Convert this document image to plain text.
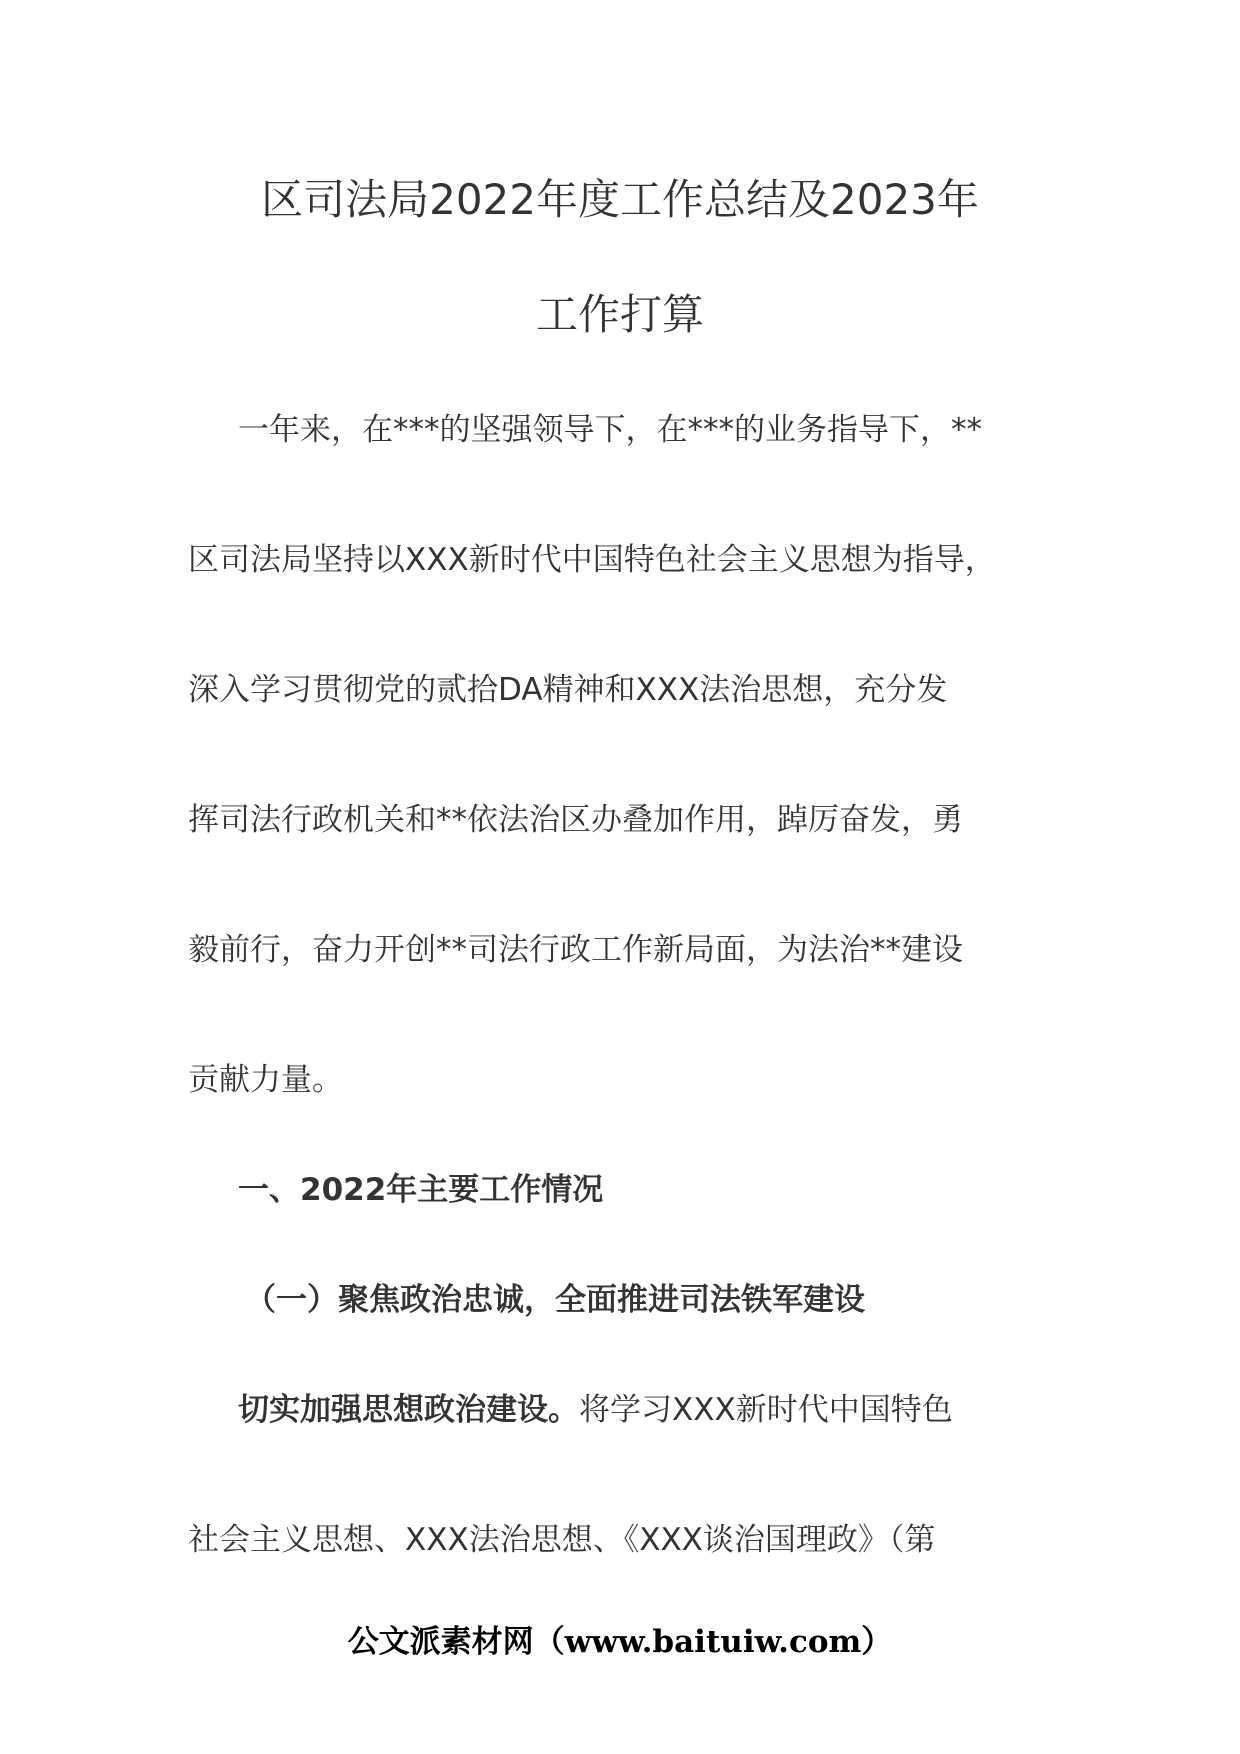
区司法局2022年度工作总结及2023年
工作打算
一年来，在***的坚强领导下，在***的业务指导下，**
区司法局坚持以XXX新时代中国特色社会主义思想为指导，
深入学习贯彻党的贰拾DA精神和XXX法治思想，充分发
挥司法行政机关和**依法治区办叠加作用，踔厉奋发，勇
毅前行，奋力开创**司法行政工作新局面，为法治**建设
贡献力量。
一、2022年主要工作情况
（一）聚焦政治忠诚，全面推进司法铁军建设
切实加强思想政治建设。将学习XXX新时代中国特色
社会主义思想、XXX法治思想、《XXX谈治国理政》（第
公文派素材网（www.baituiw.com）
